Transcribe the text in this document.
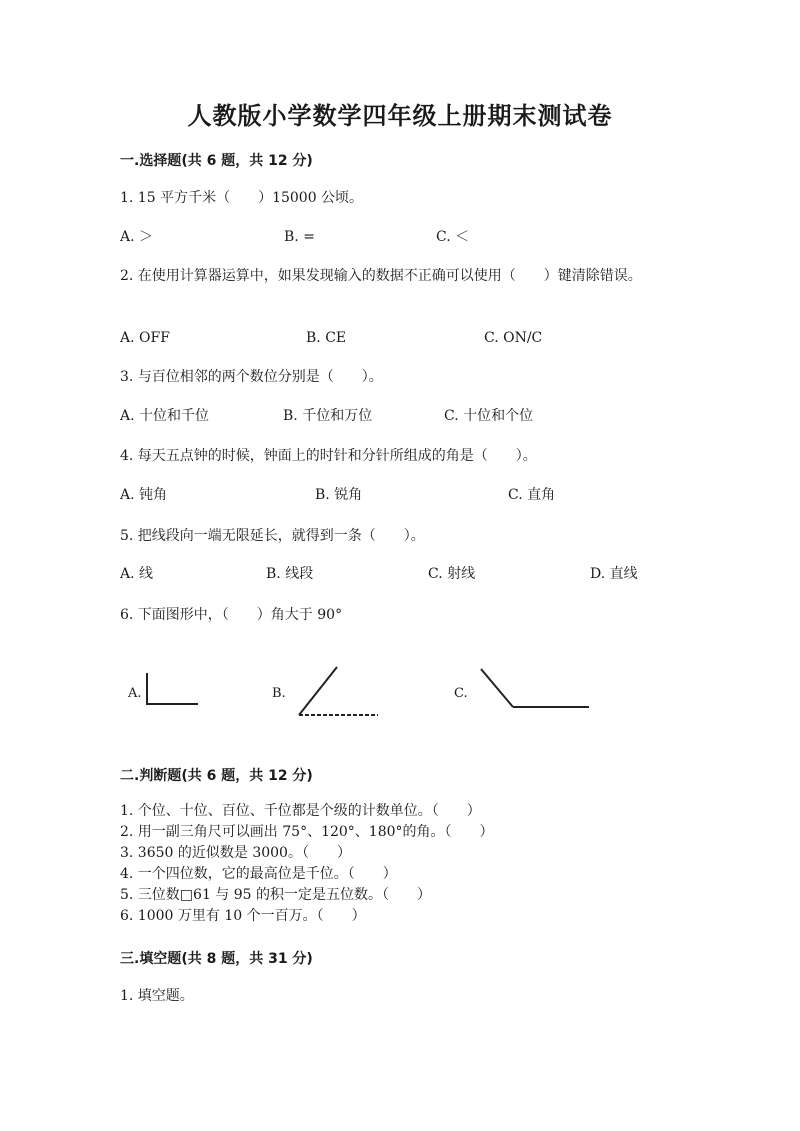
人教版小学数学四年级上册期末测试卷
一.选择题(共 6 题，共 12 分)
1. 15 平方千米（　　）15000 公顷。
A. ＞	B. =	C. ＜
2. 在使用计算器运算中，如果发现输入的数据不正确可以使用（　　）键清除错误。
A. OFF	B. CE	C. ON/C
3. 与百位相邻的两个数位分别是（　　）。
A. 十位和千位	B. 千位和万位	C. 十位和个位
4. 每天五点钟的时候，钟面上的时针和分针所组成的角是（　　）。
A. 钝角	B. 锐角	C. 直角
5. 把线段向一端无限延长，就得到一条（　　）。
A. 线	B. 线段	C. 射线	D. 直线
6. 下面图形中，（　　）角大于 90°
A.	B.	C.
二.判断题(共 6 题，共 12 分)
1. 个位、十位、百位、千位都是个级的计数单位。（　　）
2. 用一副三角尺可以画出 75°、120°、180°的角。（　　）
3. 3650 的近似数是 3000。（　　）
4. 一个四位数，它的最高位是千位。（　　）
5. 三位数□61 与 95 的积一定是五位数。（　　）
6. 1000 万里有 10 个一百万。（　　）
三.填空题(共 8 题，共 31 分)
1. 填空题。
